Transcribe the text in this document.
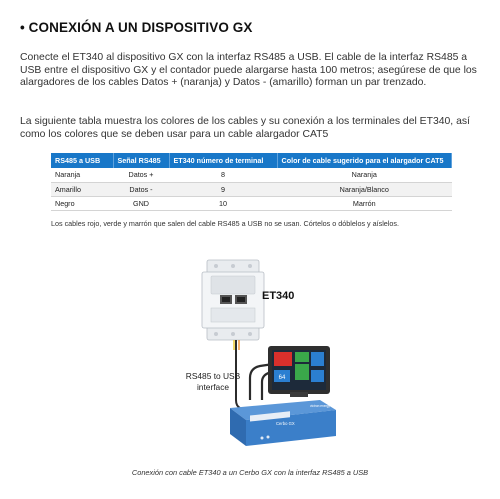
• CONEXIÓN A UN DISPOSITIVO GX

Conecte el ET340 al dispositivo GX con la interfaz RS485 a USB. El cable de la interfaz RS485 a USB entre el dispositivo GX y el contador puede alargarse hasta 100 metros; asegúrese de que los alargadores de los cables Datos + (naranja) y Datos - (amarillo) forman un par trenzado.

La siguiente tabla muestra los colores de los cables y su conexión a los terminales del ET340, así como los colores que se deben usar para un cable alargador CAT5

RS485 a USB	Señal RS485	ET340 número de terminal	Color de cable sugerido para el alargador CAT5
Naranja	Datos +	8	Naranja
Amarillo	Datos -	9	Naranja/Blanco
Negro	GND	10	Marrón
Los cables rojo, verde y marrón que salen del cable RS485 a USB no se usan. Córtelos o dóblelos y aíslelos.
64
Cerbo GX
victron energy
ET340
RS485 to USB interface
Conexión con cable ET340 a un Cerbo GX con la interfaz RS485 a USB
